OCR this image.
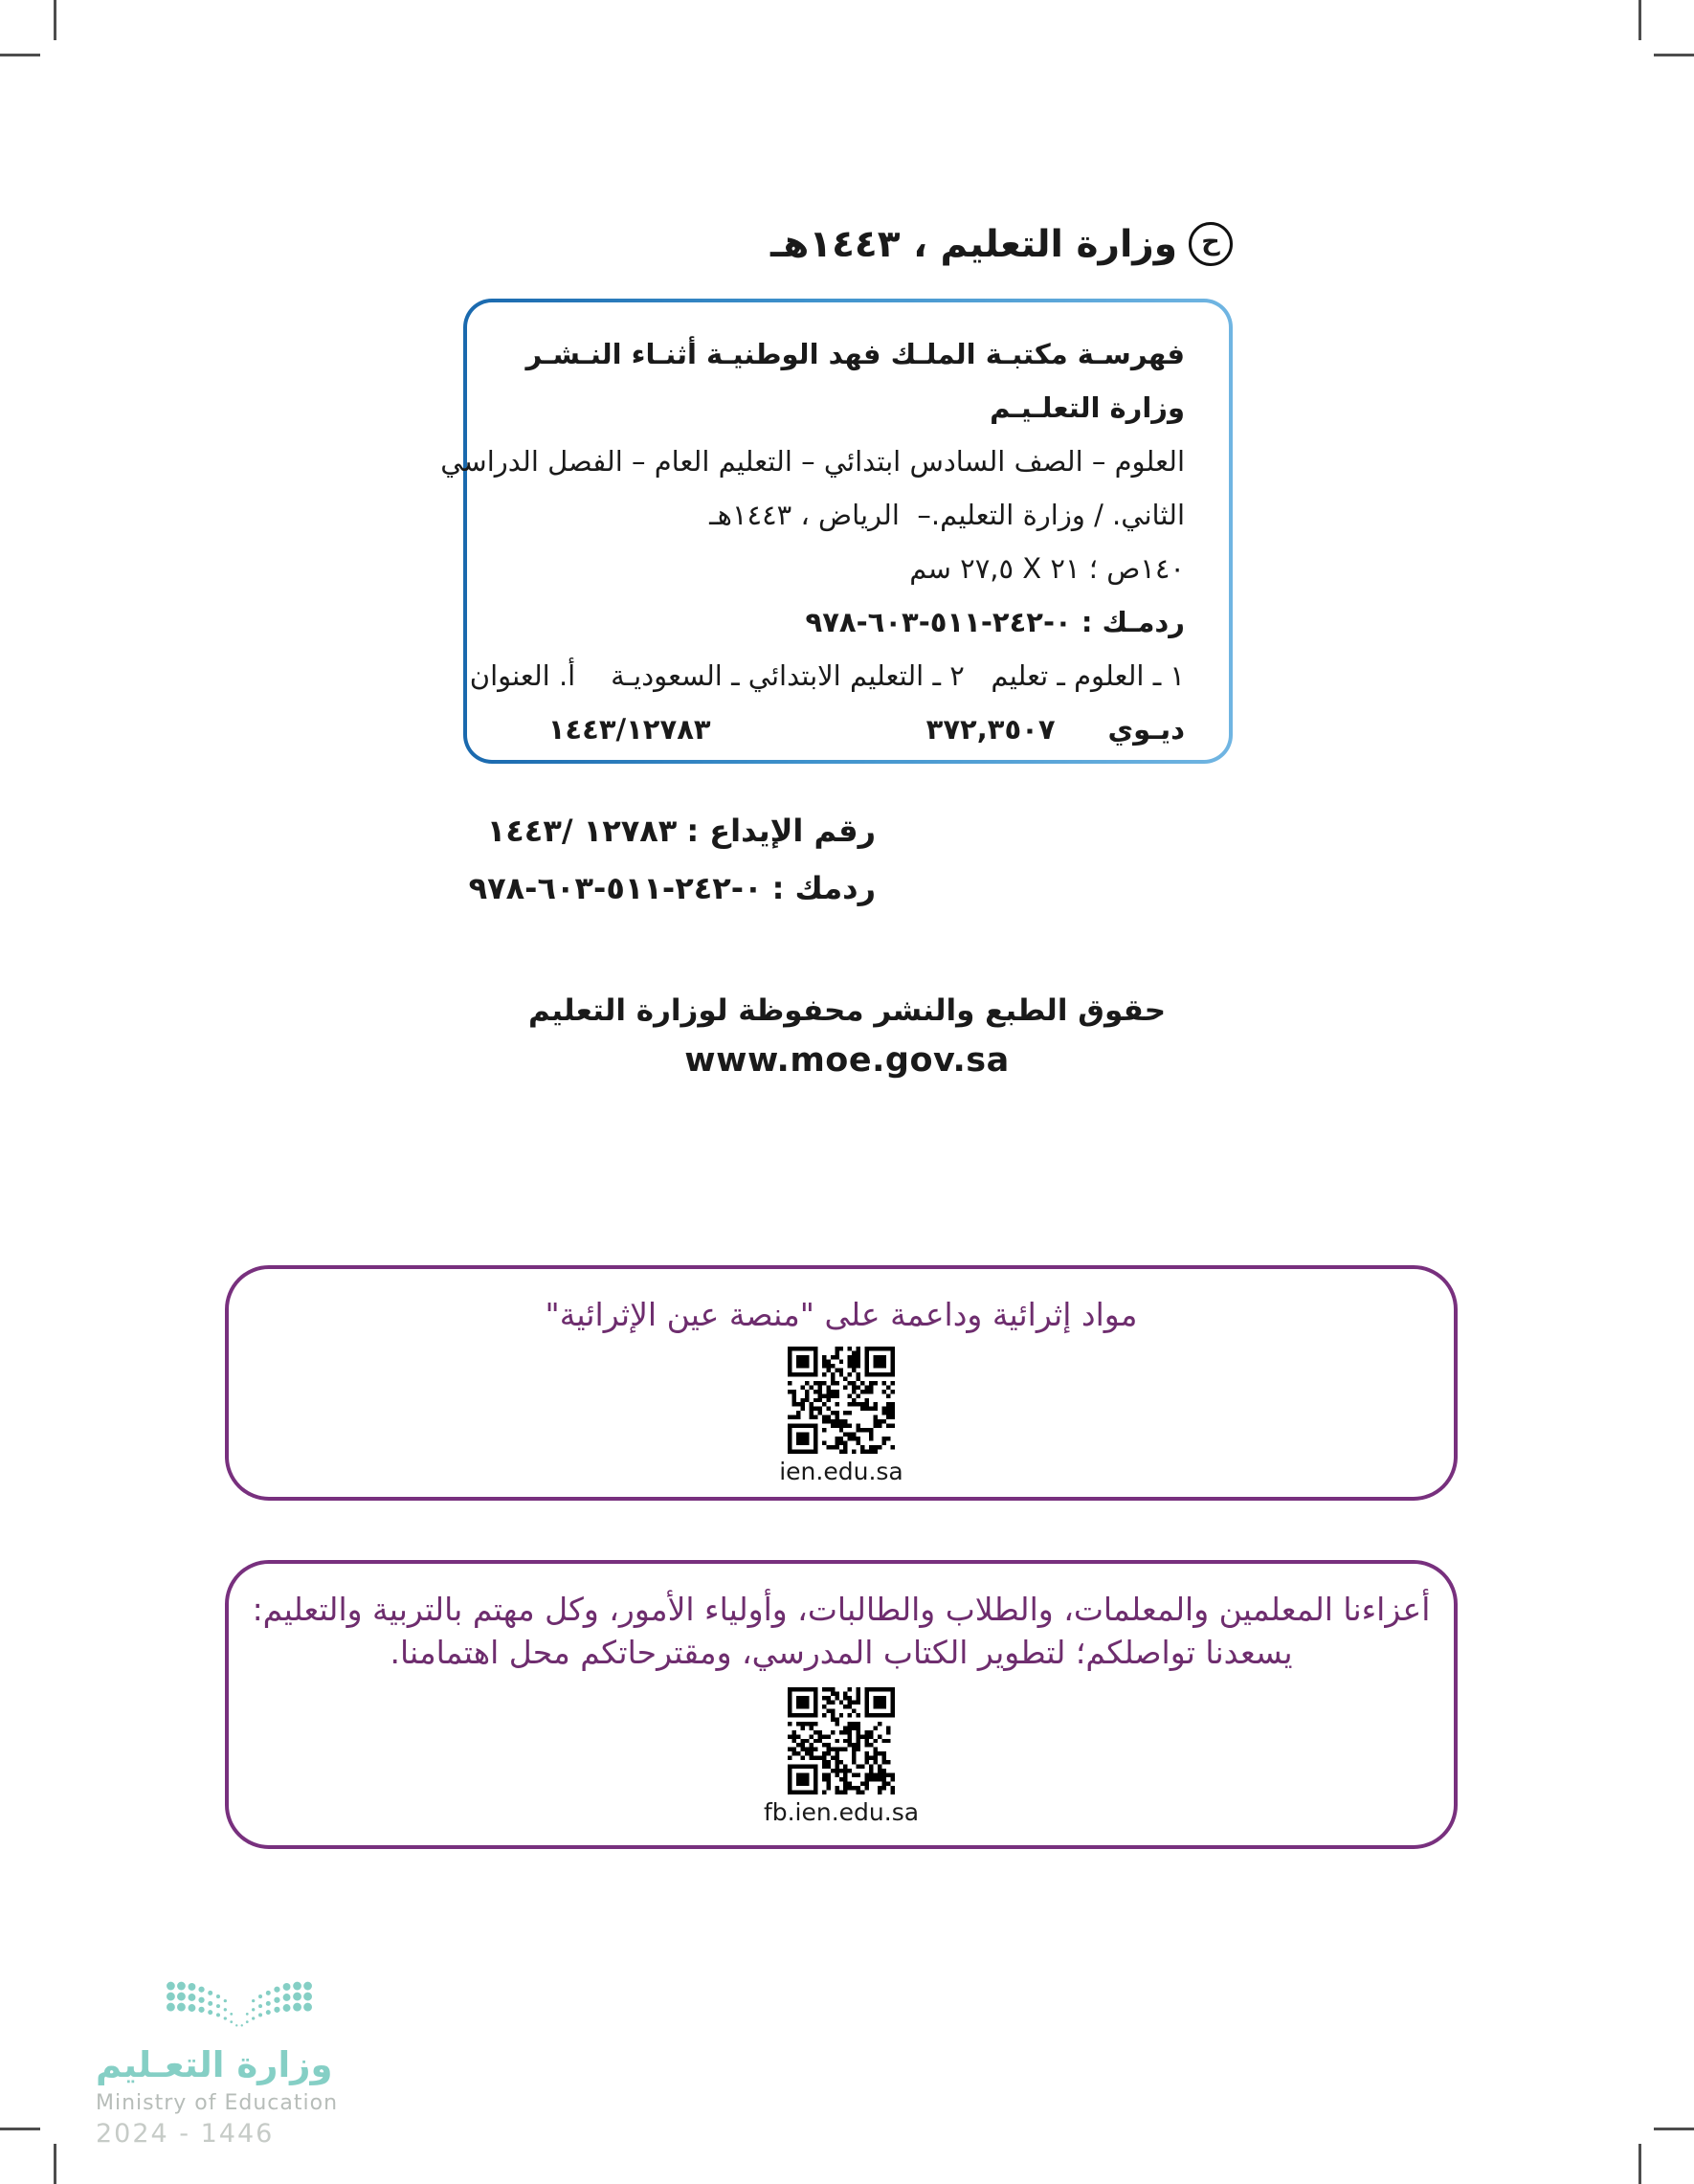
ح
وزارة التعليم ، ١٤٤٣هـ
فهرسـة مكتبـة الملـك فهد الوطنيـة أثنـاء النـشـر
وزارة التعلـيـم
العلوم – الصف السادس ابتدائي – التعليم العام – الفصل الدراسي
الثاني. / وزارة التعليم.–  الرياض ، ١٤٤٣هـ
١٤٠ص ؛ ٢١ X ٢٧,٥ سم
ردمـك : ٩٧٨-٦٠٣-٥١١-٢٤٢-٠
١ ـ العلوم ـ تعليم   ٢ ـ التعليم الابتدائي ـ السعوديـة    أ. العنوان
ديـوي
٣٧٢,٣٥٠٧
١٤٤٣/١٢٧٨٣
رقم الإيداع :
١٤٤٣/ ١٢٧٨٣
ردمك :
٩٧٨-٦٠٣-٥١١-٢٤٢-٠
حقوق الطبع والنشر محفوظة لوزارة التعليم
www.moe.gov.sa
مواد إثرائية وداعمة على "منصة عين الإثرائية"
ien.edu.sa
أعزاءنا المعلمين والمعلمات، والطلاب والطالبات، وأولياء الأمور، وكل مهتم بالتربية والتعليم:
يسعدنا تواصلكم؛ لتطوير الكتاب المدرسي، ومقترحاتكم محل اهتمامنا.
fb.ien.edu.sa
وزارة التعـليم
Ministry of Education
2024 - 1446
